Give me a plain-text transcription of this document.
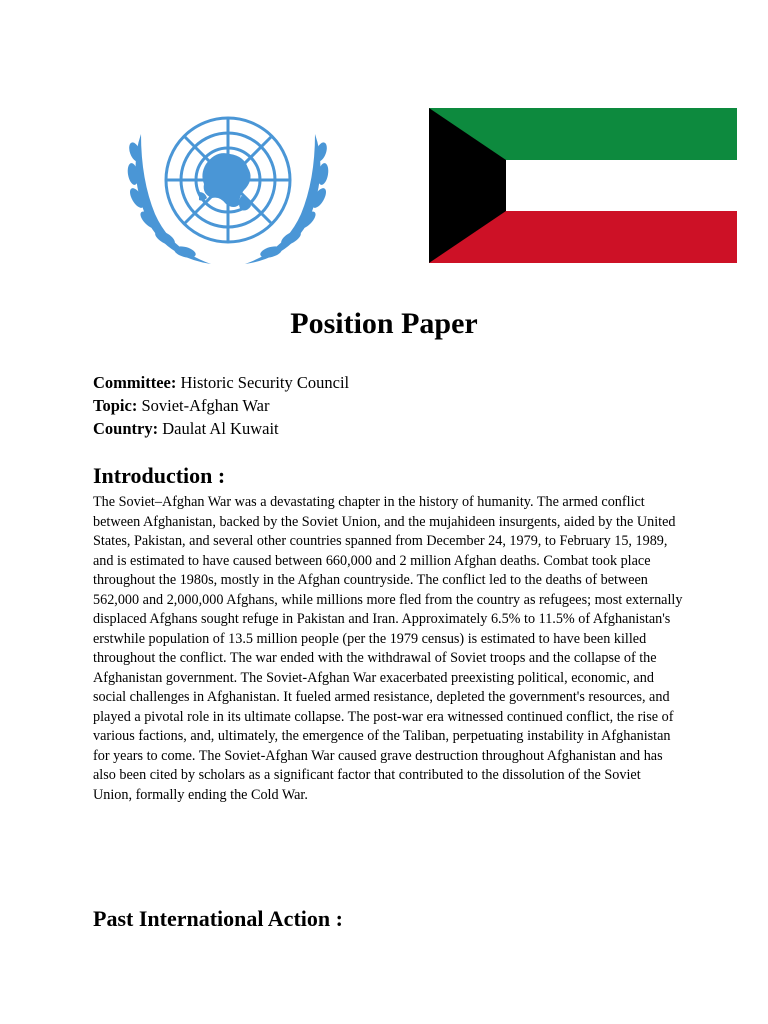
Position Paper
Committee: Historic Security Council
Topic: Soviet-Afghan War
Country: Daulat Al Kuwait
Introduction :

The Soviet–Afghan War was a devastating chapter in the history of humanity. The armed conflict between Afghanistan, backed by the Soviet Union, and the mujahideen insurgents, aided by the United States, Pakistan, and several other countries spanned from December 24, 1979, to February 15, 1989, and is estimated to have caused between 660,000 and 2 million Afghan deaths. Combat took place throughout the 1980s, mostly in the Afghan countryside. The conflict led to the deaths of between 562,000 and 2,000,000 Afghans, while millions more fled from the country as refugees; most externally displaced Afghans sought refuge in Pakistan and Iran. Approximately 6.5% to 11.5% of Afghanistan's erstwhile population of 13.5 million people (per the 1979 census) is estimated to have been killed throughout the conflict. The war ended with the withdrawal of Soviet troops and the collapse of the Afghanistan government. The Soviet-Afghan War exacerbated preexisting political, economic, and social challenges in Afghanistan. It fueled armed resistance, depleted the government's resources, and played a pivotal role in its ultimate collapse. The post-war era witnessed continued conflict, the rise of various factions, and, ultimately, the emergence of the Taliban, perpetuating instability in Afghanistan for years to come. The Soviet-Afghan War caused grave destruction throughout Afghanistan and has also been cited by scholars as a significant factor that contributed to the dissolution of the Soviet Union, formally ending the Cold War.

Past International Action :
